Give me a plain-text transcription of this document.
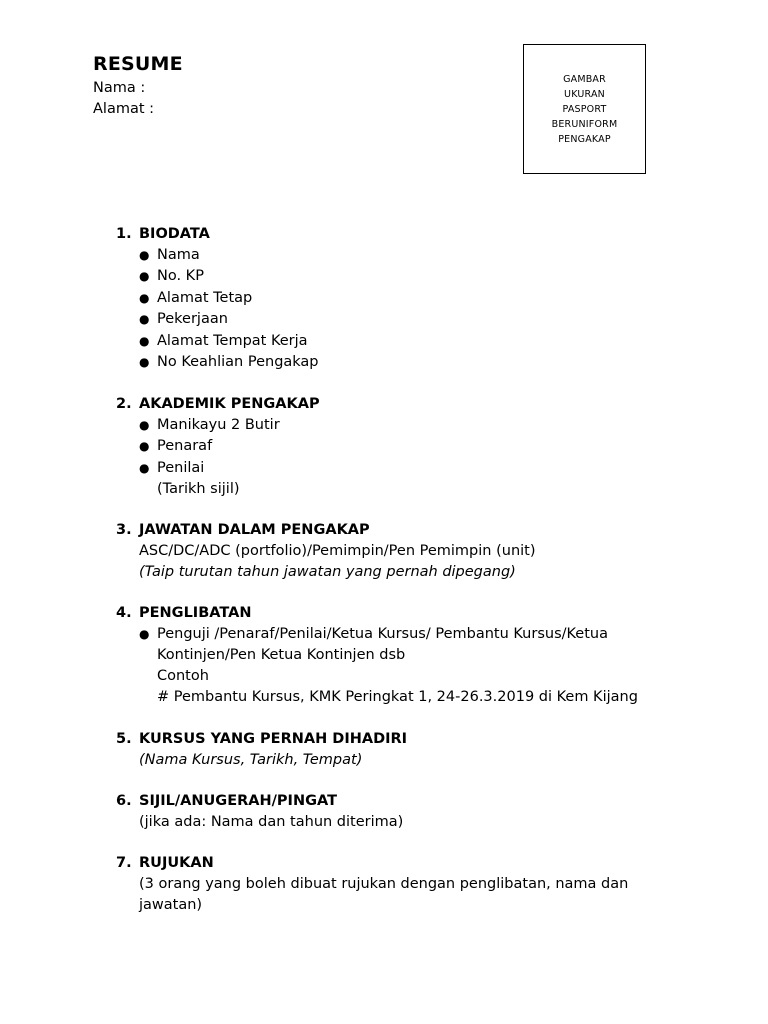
RESUME
Nama :
Alamat :
GAMBAR
UKURAN
PASPORT
BERUNIFORM
PENGAKAP
1. BIODATA
● Nama
● No. KP
● Alamat Tetap
● Pekerjaan
● Alamat Tempat Kerja
● No Keahlian Pengakap
2. AKADEMIK PENGAKAP
● Manikayu 2 Butir
● Penaraf
● Penilai
(Tarikh sijil)
3. JAWATAN DALAM PENGAKAP
ASC/DC/ADC (portfolio)/Pemimpin/Pen Pemimpin (unit)
(Taip turutan tahun jawatan yang pernah dipegang)
4. PENGLIBATAN
● Penguji /Penaraf/Penilai/Ketua Kursus/ Pembantu Kursus/Ketua
Kontinjen/Pen Ketua Kontinjen dsb
Contoh
# Pembantu Kursus, KMK Peringkat 1, 24-26.3.2019 di Kem Kijang
5. KURSUS YANG PERNAH DIHADIRI
(Nama Kursus, Tarikh, Tempat)
6. SIJIL/ANUGERAH/PINGAT
(jika ada: Nama dan tahun diterima)
7. RUJUKAN
(3 orang yang boleh dibuat rujukan dengan penglibatan, nama dan
jawatan)
